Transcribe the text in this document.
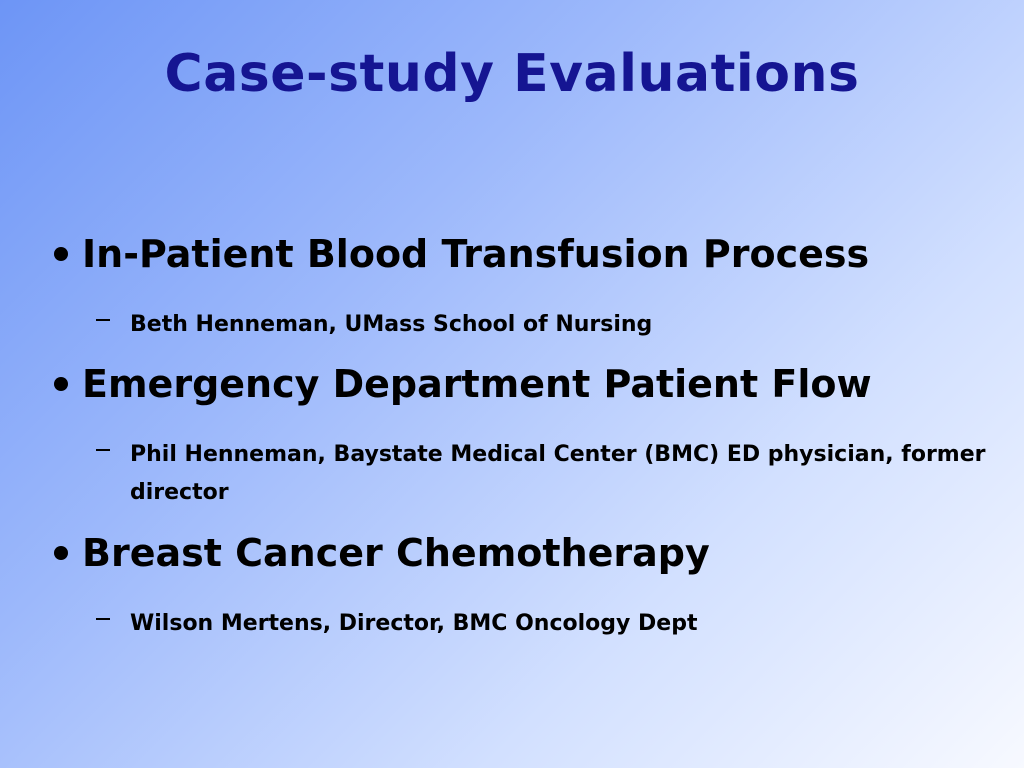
Case-study Evaluations
In-Patient Blood Transfusion Process
Beth Henneman, UMass School of Nursing
Emergency Department Patient Flow
Phil Henneman, Baystate Medical Center (BMC) ED physician, former director
Breast Cancer Chemotherapy
Wilson Mertens, Director, BMC Oncology Dept
